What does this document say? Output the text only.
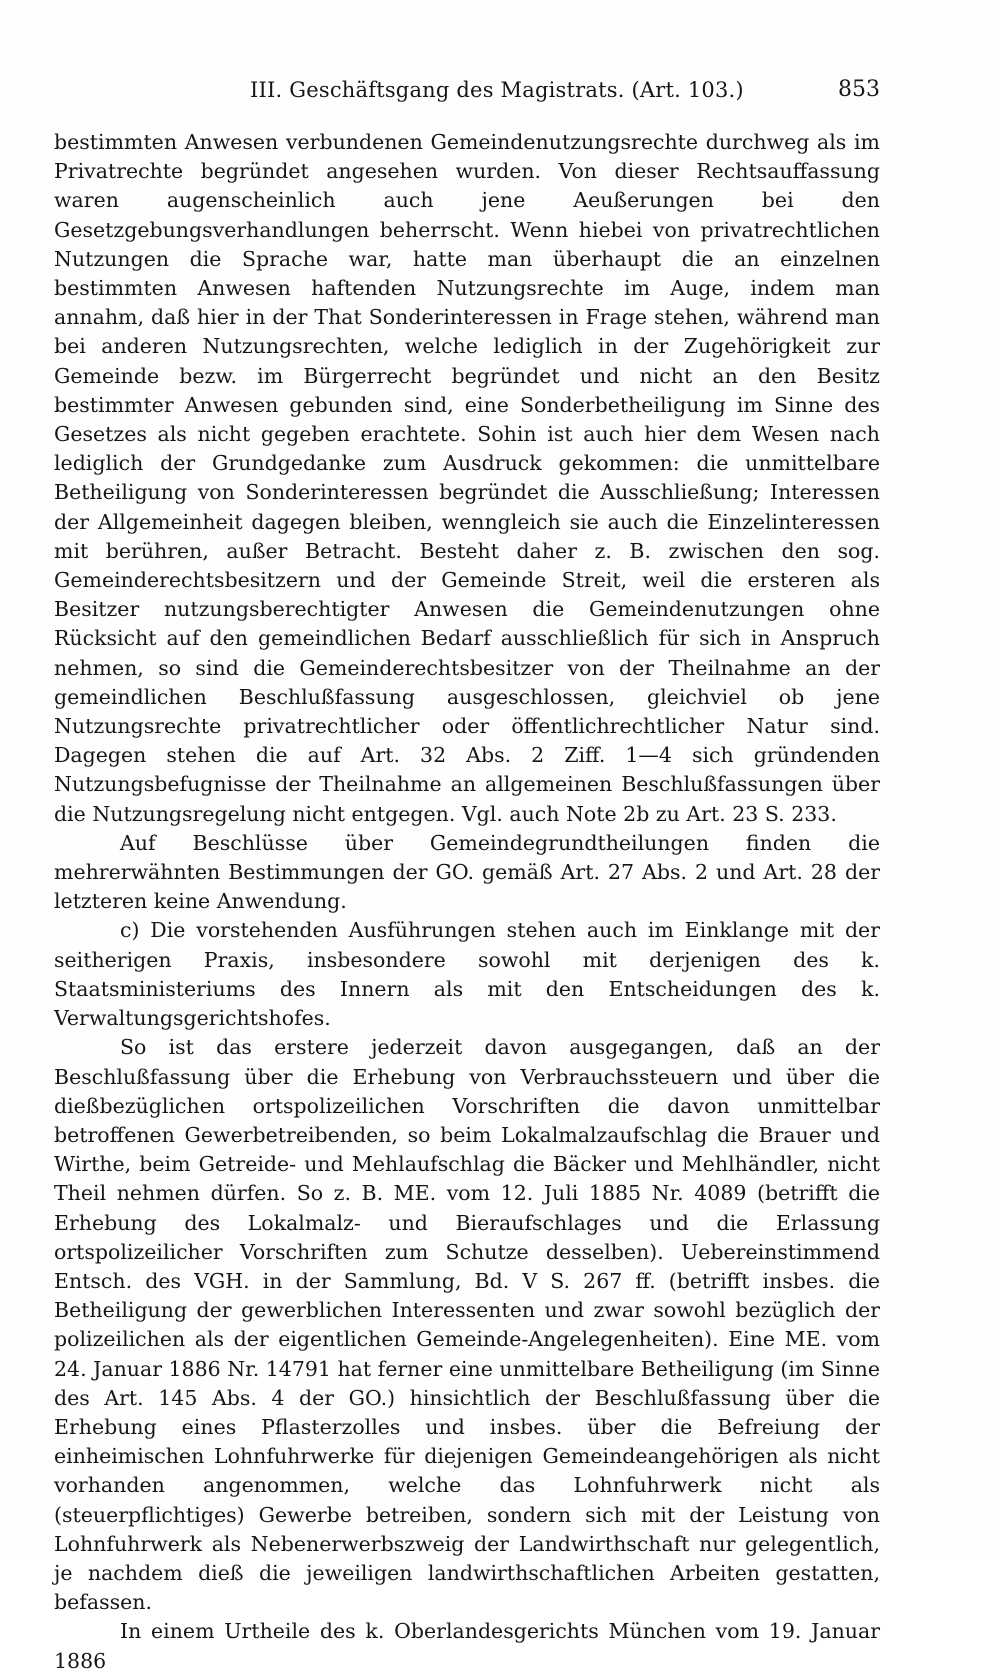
III. Geschäftsgang des Magistrats. (Art. 103.)	853

bestimmten Anwesen verbundenen Gemeindenutzungsrechte durchweg als im Privatrechte begründet angesehen wurden. Von dieser Rechtsauffassung waren augenscheinlich auch jene Aeußerungen bei den Gesetzgebungsverhandlungen beherrscht. Wenn hiebei von privatrechtlichen Nutzungen die Sprache war, hatte man überhaupt die an einzelnen bestimmten Anwesen haftenden Nutzungsrechte im Auge, indem man annahm, daß hier in der That Sonderinteressen in Frage stehen, während man bei anderen Nutzungsrechten, welche lediglich in der Zugehörigkeit zur Gemeinde bezw. im Bürgerrecht begründet und nicht an den Besitz bestimmter Anwesen gebunden sind, eine Sonderbetheiligung im Sinne des Gesetzes als nicht gegeben erachtete. Sohin ist auch hier dem Wesen nach lediglich der Grundgedanke zum Ausdruck gekommen: die unmittelbare Betheiligung von Sonderinteressen begründet die Ausschließung; Interessen der Allgemeinheit dagegen bleiben, wenngleich sie auch die Einzelinteressen mit berühren, außer Betracht. Besteht daher z. B. zwischen den sog. Gemeinderechtsbesitzern und der Gemeinde Streit, weil die ersteren als Besitzer nutzungsberechtigter Anwesen die Gemeindenutzungen ohne Rücksicht auf den gemeindlichen Bedarf ausschließlich für sich in Anspruch nehmen, so sind die Gemeinderechtsbesitzer von der Theilnahme an der gemeindlichen Beschlußfassung ausgeschlossen, gleichviel ob jene Nutzungsrechte privatrechtlicher oder öffentlichrechtlicher Natur sind. Dagegen stehen die auf Art. 32 Abs. 2 Ziff. 1—4 sich gründenden Nutzungsbefugnisse der Theilnahme an allgemeinen Beschlußfassungen über die Nutzungsregelung nicht entgegen. Vgl. auch Note 2b zu Art. 23 S. 233.

Auf Beschlüsse über Gemeindegrundtheilungen finden die mehrerwähnten Bestimmungen der GO. gemäß Art. 27 Abs. 2 und Art. 28 der letzteren keine Anwendung.

c) Die vorstehenden Ausführungen stehen auch im Einklange mit der seitherigen Praxis, insbesondere sowohl mit derjenigen des k. Staatsministeriums des Innern als mit den Entscheidungen des k. Verwaltungsgerichtshofes.

So ist das erstere jederzeit davon ausgegangen, daß an der Beschlußfassung über die Erhebung von Verbrauchssteuern und über die dießbezüglichen ortspolizeilichen Vorschriften die davon unmittelbar betroffenen Gewerbetreibenden, so beim Lokalmalzaufschlag die Brauer und Wirthe, beim Getreide- und Mehlaufschlag die Bäcker und Mehlhändler, nicht Theil nehmen dürfen. So z. B. ME. vom 12. Juli 1885 Nr. 4089 (betrifft die Erhebung des Lokalmalz- und Bieraufschlages und die Erlassung ortspolizeilicher Vorschriften zum Schutze desselben). Uebereinstimmend Entsch. des VGH. in der Sammlung, Bd. V S. 267 ff. (betrifft insbes. die Betheiligung der gewerblichen Interessenten und zwar sowohl bezüglich der polizeilichen als der eigentlichen Gemeinde-Angelegenheiten). Eine ME. vom 24. Januar 1886 Nr. 14791 hat ferner eine unmittelbare Betheiligung (im Sinne des Art. 145 Abs. 4 der GO.) hinsichtlich der Beschlußfassung über die Erhebung eines Pflasterzolles und insbes. über die Befreiung der einheimischen Lohnfuhrwerke für diejenigen Gemeindeangehörigen als nicht vorhanden angenommen, welche das Lohnfuhrwerk nicht als (steuerpflichtiges) Gewerbe betreiben, sondern sich mit der Leistung von Lohnfuhrwerk als Nebenerwerbszweig der Landwirthschaft nur gelegentlich, je nachdem dieß die jeweiligen landwirthschaftlichen Arbeiten gestatten, befassen.

In einem Urtheile des k. Oberlandesgerichts München vom 19. Januar 1886
